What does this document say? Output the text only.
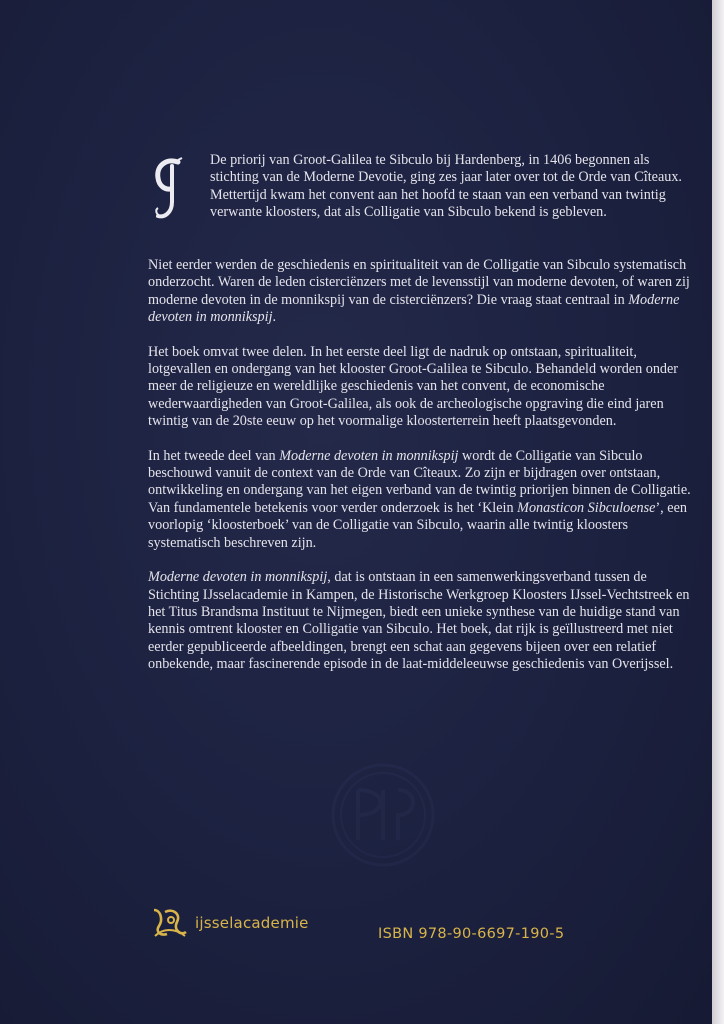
De priorij van Groot-Galilea te Sibculo bij Hardenberg, in 1406 begonnen als stichting van de Moderne Devotie, ging zes jaar later over tot de Orde van Cîteaux. Mettertijd kwam het convent aan het hoofd te staan van een verband van twintig verwante kloosters, dat als Colligatie van Sibculo bekend is gebleven.

Niet eerder werden de geschiedenis en spiritualiteit van de Colligatie van Sibculo systematisch onderzocht. Waren de leden cisterciënzers met de levensstijl van moderne devoten, of waren zij moderne devoten in de monnikspij van de cisterciënzers? Die vraag staat centraal in Moderne devoten in monnikspij.

Het boek omvat twee delen. In het eerste deel ligt de nadruk op ontstaan, spiritualiteit, lotgevallen en ondergang van het klooster Groot-Galilea te Sibculo. Behandeld worden onder meer de religieuze en wereldlijke geschiedenis van het convent, de economische wederwaardigheden van Groot-Galilea, als ook de archeologische opgraving die eind jaren twintig van de 20ste eeuw op het voormalige kloosterterrein heeft plaatsgevonden.

In het tweede deel van Moderne devoten in monnikspij wordt de Colligatie van Sibculo beschouwd vanuit de context van de Orde van Cîteaux. Zo zijn er bijdragen over ontstaan, ontwikkeling en ondergang van het eigen verband van de twintig priorijen binnen de Colligatie. Van fundamentele betekenis voor verder onderzoek is het ‘Klein Monasticon Sibculoense’, een voorlopig ‘kloosterboek’ van de Colligatie van Sibculo, waarin alle twintig kloosters systematisch beschreven zijn.

Moderne devoten in monnikspij, dat is ontstaan in een samenwerkingsverband tussen de Stichting IJsselacademie in Kampen, de Historische Werkgroep Kloosters IJssel-Vechtstreek en het Titus Brandsma Instituut te Nijmegen, biedt een unieke synthese van de huidige stand van kennis omtrent klooster en Colligatie van Sibculo. Het boek, dat rijk is geïllustreerd met niet eerder gepubliceerde afbeeldingen, brengt een schat aan gegevens bijeen over een relatief onbekende, maar fascinerende episode in de laat-middeleeuwse geschiedenis van Overijssel.

ijsselacademie
ISBN 978-90-6697-190-5
